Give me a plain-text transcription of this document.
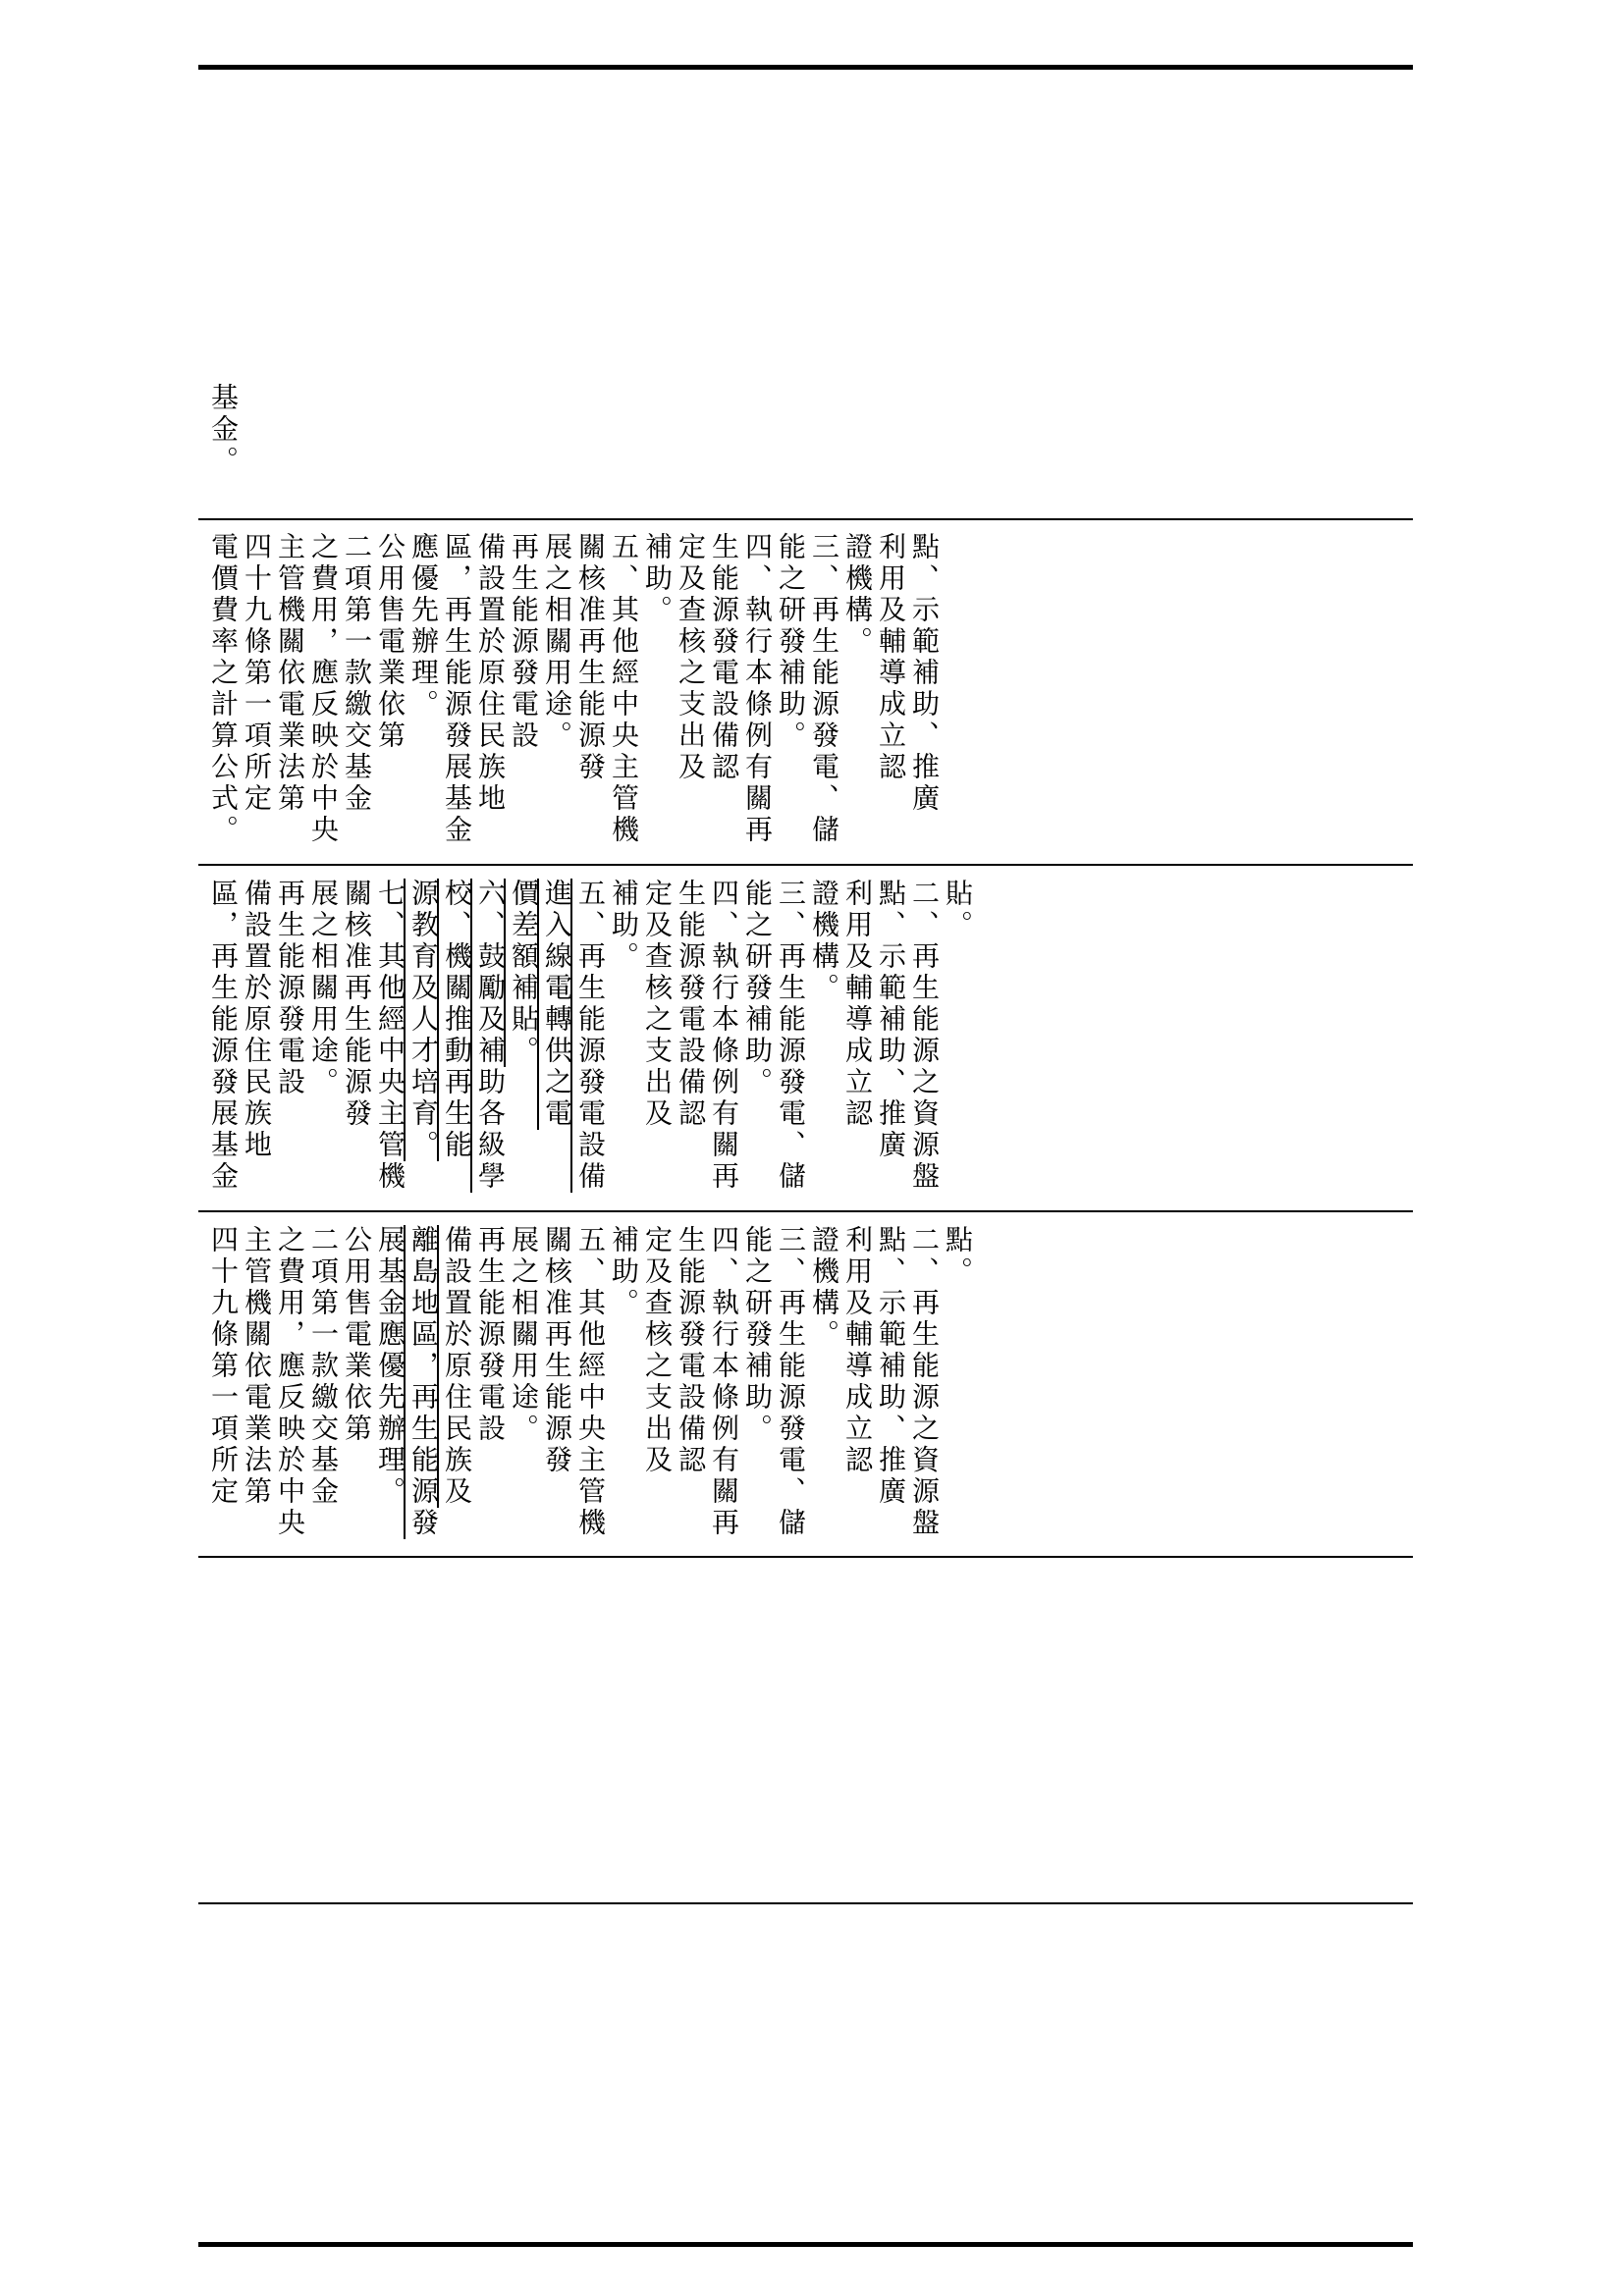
點。
二、再生能源之資源盤
點、示範補助、推廣
利用及輔導成立認
證機構。
三、再生能源發電、儲
能之研發補助。
四、執行本條例有關再
生能源發電設備認
定及查核之支出及
補助。
五、其他經中央主管機
關核准再生能源發
展之相關用途。
再生能源發電設
備設置於原住民族及
離島地區，再生能源發
展基金應優先辦理。
公用售電業依第
二項第一款繳交基金
之費用，應反映於中央
主管機關依電業法第
四十九條第一項所定
貼。
二、再生能源之資源盤
點、示範補助、推廣
利用及輔導成立認
證機構。
三、再生能源發電、儲
能之研發補助。
四、執行本條例有關再
生能源發電設備認
定及查核之支出及
補助。
五、再生能源發電設備
進入線電轉供之電
價差額補貼。
六、鼓勵及補助各級學
校、機關推動再生能
源教育及人才培育。
七、其他經中央主管機
關核准再生能源發
展之相關用途。
再生能源發電設
備設置於原住民族地
區，再生能源發展基金
點、示範補助、推廣
利用及輔導成立認
證機構。
三、再生能源發電、儲
能之研發補助。
四、執行本條例有關再
生能源發電設備認
定及查核之支出及
補助。
五、其他經中央主管機
關核准再生能源發
展之相關用途。
再生能源發電設
備設置於原住民族地
區，再生能源發展基金
應優先辦理。
公用售電業依第
二項第一款繳交基金
之費用，應反映於中央
主管機關依電業法第
四十九條第一項所定
電價費率之計算公式。
基金。
